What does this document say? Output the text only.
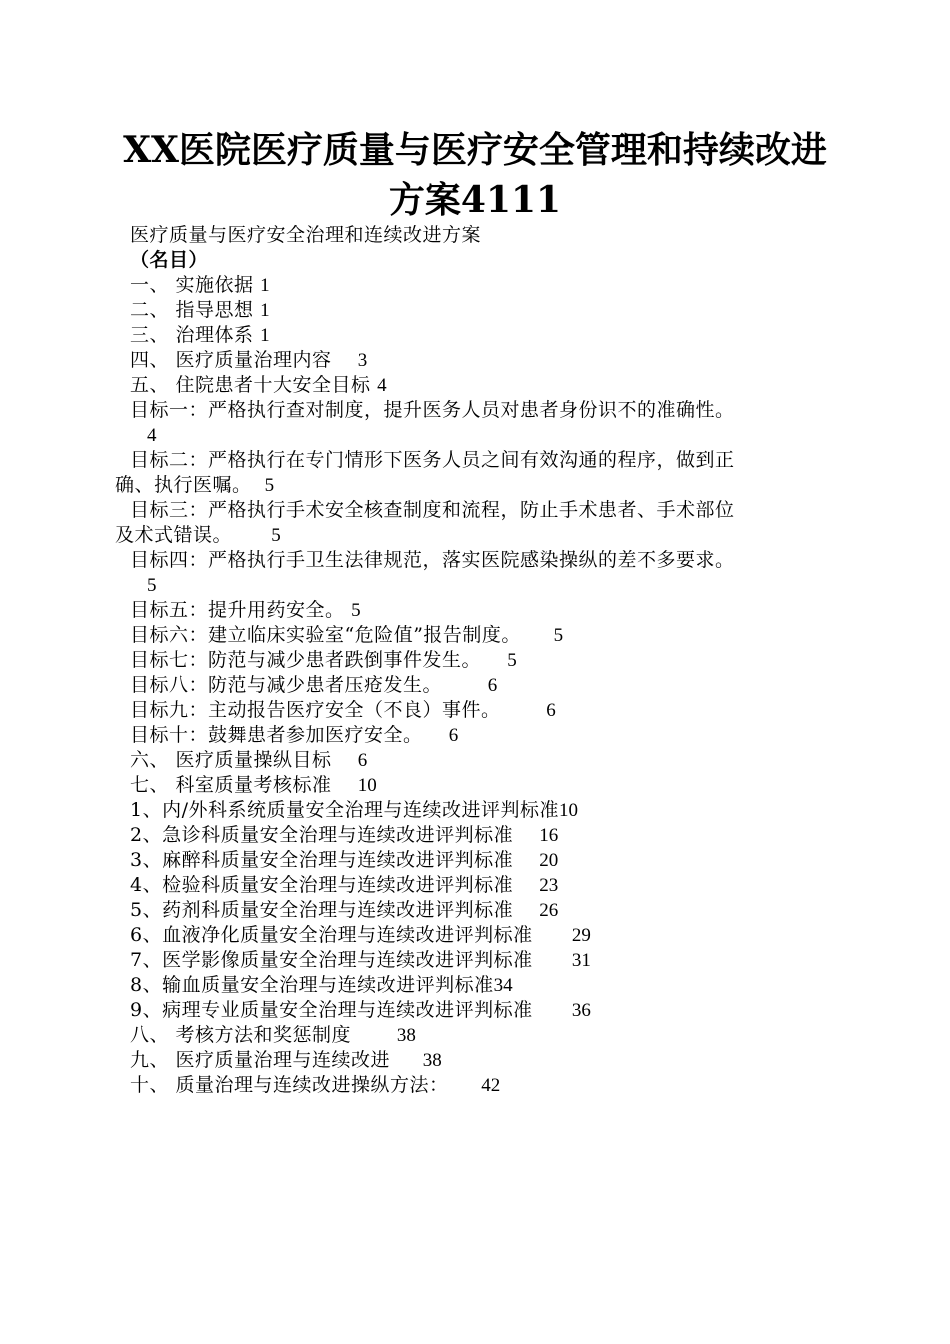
XX医院医疗质量与医疗安全管理和持续改进
方案4111
医疗质量与医疗安全治理和连续改进方案
（名目）
一、 实施依据 1
二、 指导思想 1
三、 治理体系 1
四、 医疗质量治理内容 3
五、 住院患者十大安全目标 4
目标一：严格执行查对制度，提升医务人员对患者身份识不的准确性。
4
目标二：严格执行在专门情形下医务人员之间有效沟通的程序，做到正
确、执行医嘱。 5
目标三：严格执行手术安全核查制度和流程，防止手术患者、手术部位
及术式错误。 5
目标四：严格执行手卫生法律规范，落实医院感染操纵的差不多要求。
5
目标五：提升用药安全。 5
目标六：建立临床实验室“危险值”报告制度。 5
目标七：防范与减少患者跌倒事件发生。 5
目标八：防范与减少患者压疮发生。 6
目标九：主动报告医疗安全（不良）事件。 6
目标十：鼓舞患者参加医疗安全。 6
六、 医疗质量操纵目标 6
七、 科室质量考核标准 10
1、内/外科系统质量安全治理与连续改进评判标准10
2、急诊科质量安全治理与连续改进评判标准 16
3、麻醉科质量安全治理与连续改进评判标准 20
4、检验科质量安全治理与连续改进评判标准 23
5、药剂科质量安全治理与连续改进评判标准 26
6、血液净化质量安全治理与连续改进评判标准 29
7、医学影像质量安全治理与连续改进评判标准 31
8、输血质量安全治理与连续改进评判标准34
9、病理专业质量安全治理与连续改进评判标准 36
八、 考核方法和奖惩制度 38
九、 医疗质量治理与连续改进 38
十、 质量治理与连续改进操纵方法： 42
